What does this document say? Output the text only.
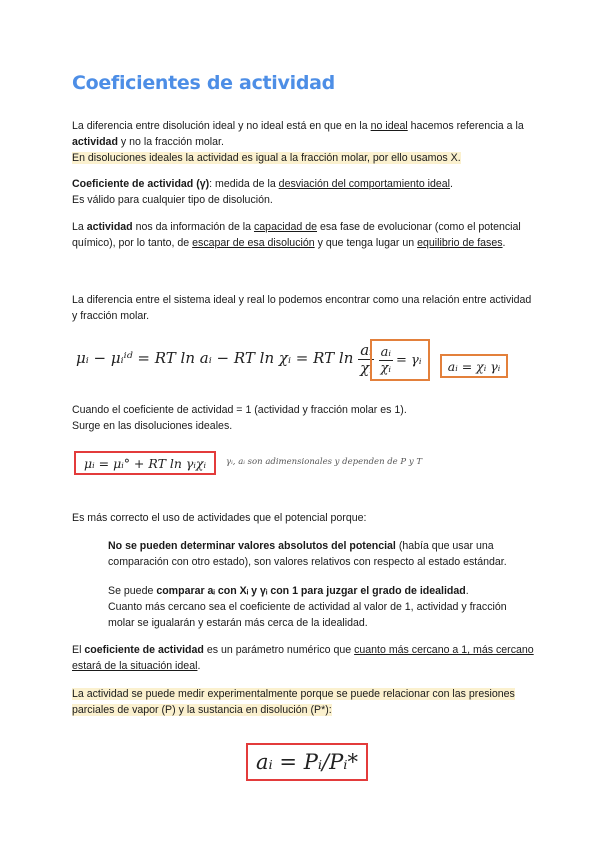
Coeficientes de actividad

La diferencia entre disolución ideal y no ideal está en que en la no ideal hacemos referencia a la actividad y no la fracción molar.
En disoluciones ideales la actividad es igual a la fracción molar, por ello usamos X.

Coeficiente de actividad (γ): medida de la desviación del comportamiento ideal.
Es válido para cualquier tipo de disolución.

La actividad nos da información de la capacidad de esa fase de evolucionar (como el potencial químico), por lo tanto, de escapar de esa disolución y que tenga lugar un equilibrio de fases.

La diferencia entre el sistema ideal y real lo podemos encontrar como una relación entre actividad y fracción molar.

μᵢ − μᵢⁱᵈ = RT ln aᵢ − RT ln χᵢ = RT $\ln \frac{\text{aᵢ}}{\text{χᵢ}} \frac{\text{aᵢ}}{\text{χᵢ}}$ = γᵢ	aᵢ = χᵢ γᵢ

Cuando el coeficiente de actividad = 1 (actividad y fracción molar es 1).
Surge en las disoluciones ideales.

μᵢ = μᵢ° + RT ln γᵢχᵢ	γᵢ, aᵢ son adimensionales y dependen de P y T

Es más correcto el uso de actividades que el potencial porque:

No se pueden determinar valores absolutos del potencial (había que usar una comparación con otro estado), son valores relativos con respecto al estado estándar.

Se puede comparar aᵢ con Xᵢ y γᵢ con 1 para juzgar el grado de idealidad.
Cuanto más cercano sea el coeficiente de actividad al valor de 1, actividad y fracción molar se igualarán y estarán más cerca de la idealidad.

El coeficiente de actividad es un parámetro numérico que cuanto más cercano a 1, más cercano estará de la situación ideal.

La actividad se puede medir experimentalmente porque se puede relacionar con las presiones parciales de vapor (P) y la sustancia en disolución (P*):

aᵢ = Pᵢ/Pᵢ*
